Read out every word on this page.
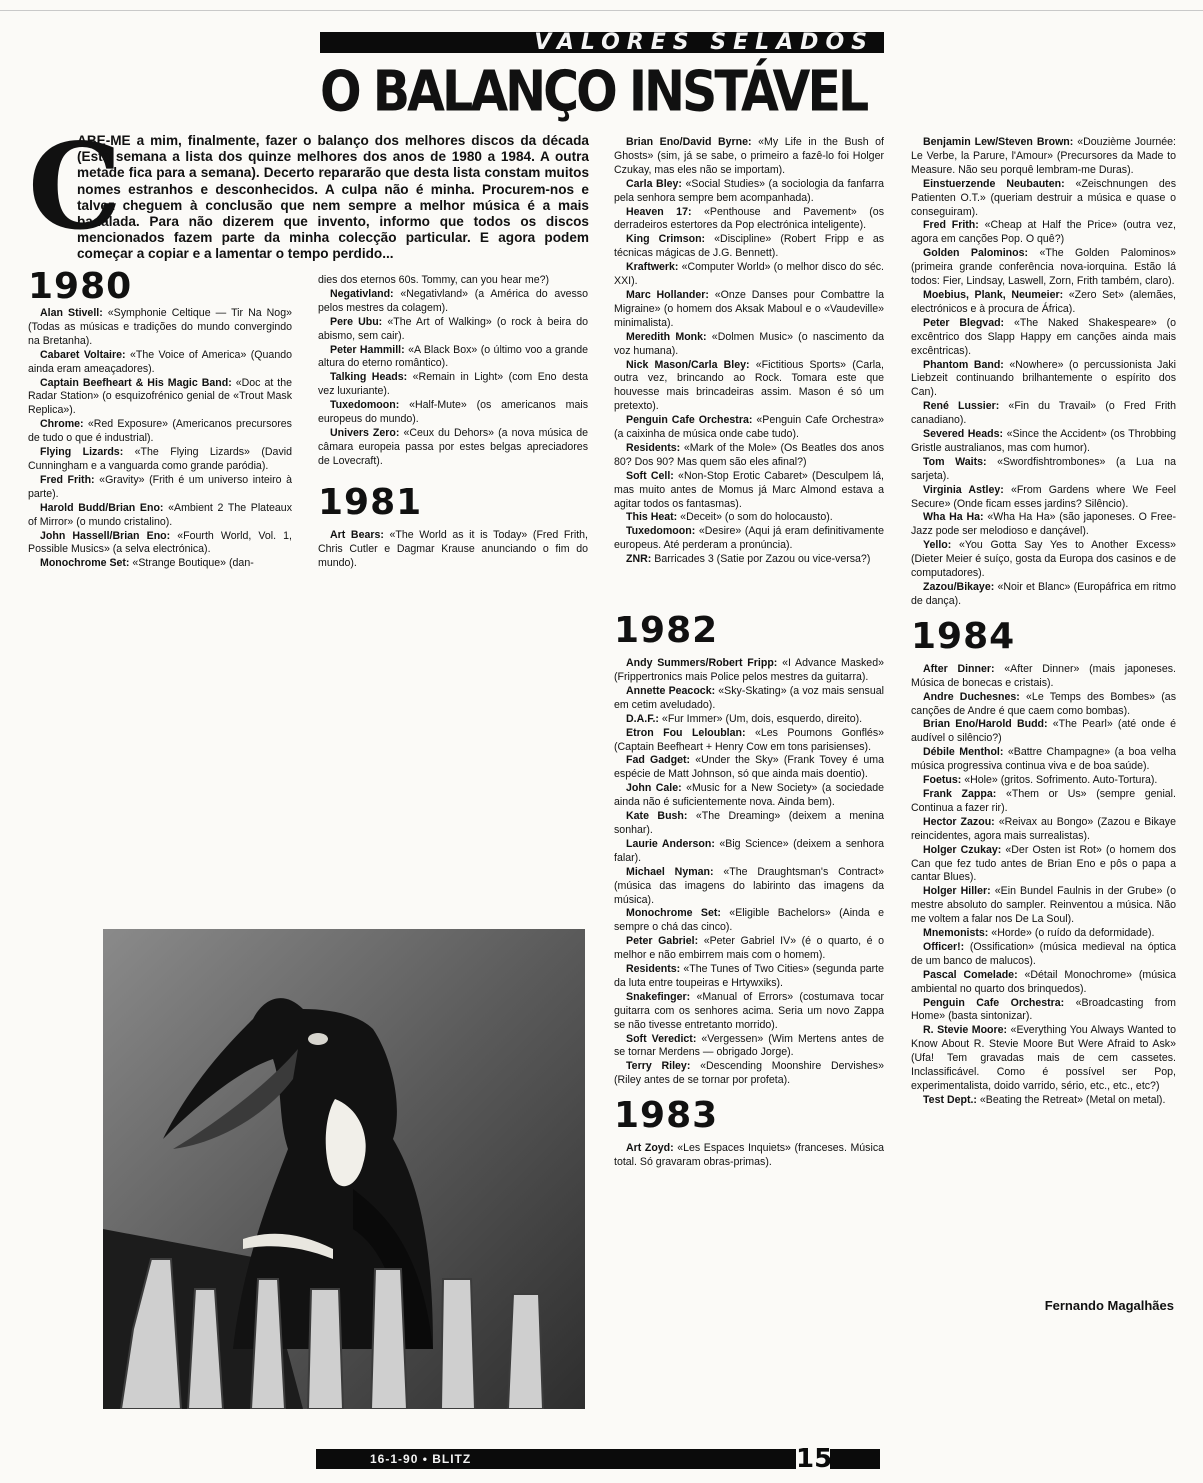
VALORES SELADOS
O BALANÇO INSTÁVEL
C
ABE-ME a mim, finalmente, fazer o balanço dos melhores discos da década (Esta semana a lista dos quinze melhores dos anos de 1980 a 1984. A outra metade fica para a semana). Decerto repararão que desta lista constam muitos nomes estranhos e desconhecidos. A culpa não é minha. Procurem-nos e talvez cheguem à conclusão que nem sempre a melhor música é a mais badalada. Para não dizerem que invento, informo que todos os discos mencionados fazem parte da minha colecção particular. E agora podem começar a copiar e a lamentar o tempo perdido...

1980

Alan Stivell: «Symphonie Celtique — Tir Na Nog» (Todas as músicas e tradições do mundo convergindo na Bretanha).

Cabaret Voltaire: «The Voice of America» (Quando ainda eram ameaçadores).

Captain Beefheart & His Magic Band: «Doc at the Radar Station» (o esquizofrénico genial de «Trout Mask Replica»).

Chrome: «Red Exposure» (Americanos precursores de tudo o que é industrial).

Flying Lizards: «The Flying Lizards» (David Cunningham e a vanguarda como grande paródia).

Fred Frith: «Gravity» (Frith é um universo inteiro à parte).

Harold Budd/Brian Eno: «Ambient 2 The Plateaux of Mirror» (o mundo cristalino).

John Hassell/Brian Eno: «Fourth World, Vol. 1, Possible Musics» (a selva electrónica).

Monochrome Set: «Strange Boutique» (dan-

dies dos eternos 60s. Tommy, can you hear me?)

Negativland: «Negativland» (a América do avesso pelos mestres da colagem).

Pere Ubu: «The Art of Walking» (o rock à beira do abismo, sem cair).

Peter Hammill: «A Black Box» (o último voo a grande altura do eterno romântico).

Talking Heads: «Remain in Light» (com Eno desta vez luxuriante).

Tuxedomoon: «Half-Mute» (os americanos mais europeus do mundo).

Univers Zero: «Ceux du Dehors» (a nova música de câmara europeia passa por estes belgas apreciadores de Lovecraft).

1981

Art Bears: «The World as it is Today» (Fred Frith, Chris Cutler e Dagmar Krause anunciando o fim do mundo).

Brian Eno/David Byrne: «My Life in the Bush of Ghosts» (sim, já se sabe, o primeiro a fazê-lo foi Holger Czukay, mas eles não se importam).

Carla Bley: «Social Studies» (a sociologia da fanfarra pela senhora sempre bem acompanhada).

Heaven 17: «Penthouse and Pavement» (os derradeiros estertores da Pop electrónica inteligente).

King Crimson: «Discipline» (Robert Fripp e as técnicas mágicas de J.G. Bennett).

Kraftwerk: «Computer World» (o melhor disco do séc. XXI).

Marc Hollander: «Onze Danses pour Combattre la Migraine» (o homem dos Aksak Maboul e o «Vaudeville» minimalista).

Meredith Monk: «Dolmen Music» (o nascimento da voz humana).

Nick Mason/Carla Bley: «Fictitious Sports» (Carla, outra vez, brincando ao Rock. Tomara este que houvesse mais brincadeiras assim. Mason é só um pretexto).

Penguin Cafe Orchestra: «Penguin Cafe Orchestra» (a caixinha de música onde cabe tudo).

Residents: «Mark of the Mole» (Os Beatles dos anos 80? Dos 90? Mas quem são eles afinal?)

Soft Cell: «Non-Stop Erotic Cabaret» (Desculpem lá, mas muito antes de Momus já Marc Almond estava a agitar todos os fantasmas).

This Heat: «Deceit» (o som do holocausto).

Tuxedomoon: «Desire» (Aqui já eram definitivamente europeus. Até perderam a pronúncia).

ZNR: Barricades 3 (Satie por Zazou ou vice-versa?)

1982

Andy Summers/Robert Fripp: «I Advance Masked» (Frippertronics mais Police pelos mestres da guitarra).

Annette Peacock: «Sky-Skating» (a voz mais sensual em cetim aveludado).

D.A.F.: «Fur Immer» (Um, dois, esquerdo, direito).

Etron Fou Leloublan: «Les Poumons Gonflés» (Captain Beefheart + Henry Cow em tons parisienses).

Fad Gadget: «Under the Sky» (Frank Tovey é uma espécie de Matt Johnson, só que ainda mais doentio).

John Cale: «Music for a New Society» (a sociedade ainda não é suficientemente nova. Ainda bem).

Kate Bush: «The Dreaming» (deixem a menina sonhar).

Laurie Anderson: «Big Science» (deixem a senhora falar).

Michael Nyman: «The Draughtsman's Contract» (música das imagens do labirinto das imagens da música).

Monochrome Set: «Eligible Bachelors» (Ainda e sempre o chá das cinco).

Peter Gabriel: «Peter Gabriel IV» (é o quarto, é o melhor e não embirrem mais com o homem).

Residents: «The Tunes of Two Cities» (segunda parte da luta entre toupeiras e Hrtywxiks).

Snakefinger: «Manual of Errors» (costumava tocar guitarra com os senhores acima. Seria um novo Zappa se não tivesse entretanto morrido).

Soft Veredict: «Vergessen» (Wim Mertens antes de se tornar Merdens — obrigado Jorge).

Terry Riley: «Descending Moonshire Dervishes» (Riley antes de se tornar por profeta).

1983

Art Zoyd: «Les Espaces Inquiets» (franceses. Música total. Só gravaram obras-primas).

Benjamin Lew/Steven Brown: «Douzième Journée: Le Verbe, la Parure, l'Amour» (Precursores da Made to Measure. Não seu porquê lembram-me Duras).

Einstuerzende Neubauten: «Zeischnungen des Patienten O.T.» (queriam destruir a música e quase o conseguiram).

Fred Frith: «Cheap at Half the Price» (outra vez, agora em canções Pop. O quê?)

Golden Palominos: «The Golden Palominos» (primeira grande conferência nova-iorquina. Estão lá todos: Fier, Lindsay, Laswell, Zorn, Frith também, claro).

Moebius, Plank, Neumeier: «Zero Set» (alemães, electrónicos e à procura de África).

Peter Blegvad: «The Naked Shakespeare» (o excêntrico dos Slapp Happy em canções ainda mais excêntricas).

Phantom Band: «Nowhere» (o percussionista Jaki Liebzeit continuando brilhantemente o espírito dos Can).

René Lussier: «Fin du Travail» (o Fred Frith canadiano).

Severed Heads: «Since the Accident» (os Throbbing Gristle australianos, mas com humor).

Tom Waits: «Swordfishtrombones» (a Lua na sarjeta).

Virginia Astley: «From Gardens where We Feel Secure» (Onde ficam esses jardins? Silêncio).

Wha Ha Ha: «Wha Ha Ha» (são japoneses. O Free-Jazz pode ser melodioso e dançável).

Yello: «You Gotta Say Yes to Another Excess» (Dieter Meier é suíço, gosta da Europa dos casinos e de computadores).

Zazou/Bikaye: «Noir et Blanc» (Europáfrica em ritmo de dança).

1984

After Dinner: «After Dinner» (mais japoneses. Música de bonecas e cristais).

Andre Duchesnes: «Le Temps des Bombes» (as canções de Andre é que caem como bombas).

Brian Eno/Harold Budd: «The Pearl» (até onde é audível o silêncio?)

Débile Menthol: «Battre Champagne» (a boa velha música progressiva continua viva e de boa saúde).

Foetus: «Hole» (gritos. Sofrimento. Auto-Tortura).

Frank Zappa: «Them or Us» (sempre genial. Continua a fazer rir).

Hector Zazou: «Reivax au Bongo» (Zazou e Bikaye reincidentes, agora mais surrealistas).

Holger Czukay: «Der Osten ist Rot» (o homem dos Can que fez tudo antes de Brian Eno e pôs o papa a cantar Blues).

Holger Hiller: «Ein Bundel Faulnis in der Grube» (o mestre absoluto do sampler. Reinventou a música. Não me voltem a falar nos De La Soul).

Mnemonists: «Horde» (o ruído da deformidade).

Officer!: (Ossification» (música medieval na óptica de um banco de malucos).

Pascal Comelade: «Détail Monochrome» (música ambiental no quarto dos brinquedos).

Penguin Cafe Orchestra: «Broadcasting from Home» (basta sintonizar).

R. Stevie Moore: «Everything You Always Wanted to Know About R. Stevie Moore But Were Afraid to Ask» (Ufa! Tem gravadas mais de cem cassetes. Inclassificável. Como é possível ser Pop, experimentalista, doido varrido, sério, etc., etc., etc?)

Test Dept.: «Beating the Retreat» (Metal on metal).

Fernando Magalhães
16-1-90 • BLITZ	15
